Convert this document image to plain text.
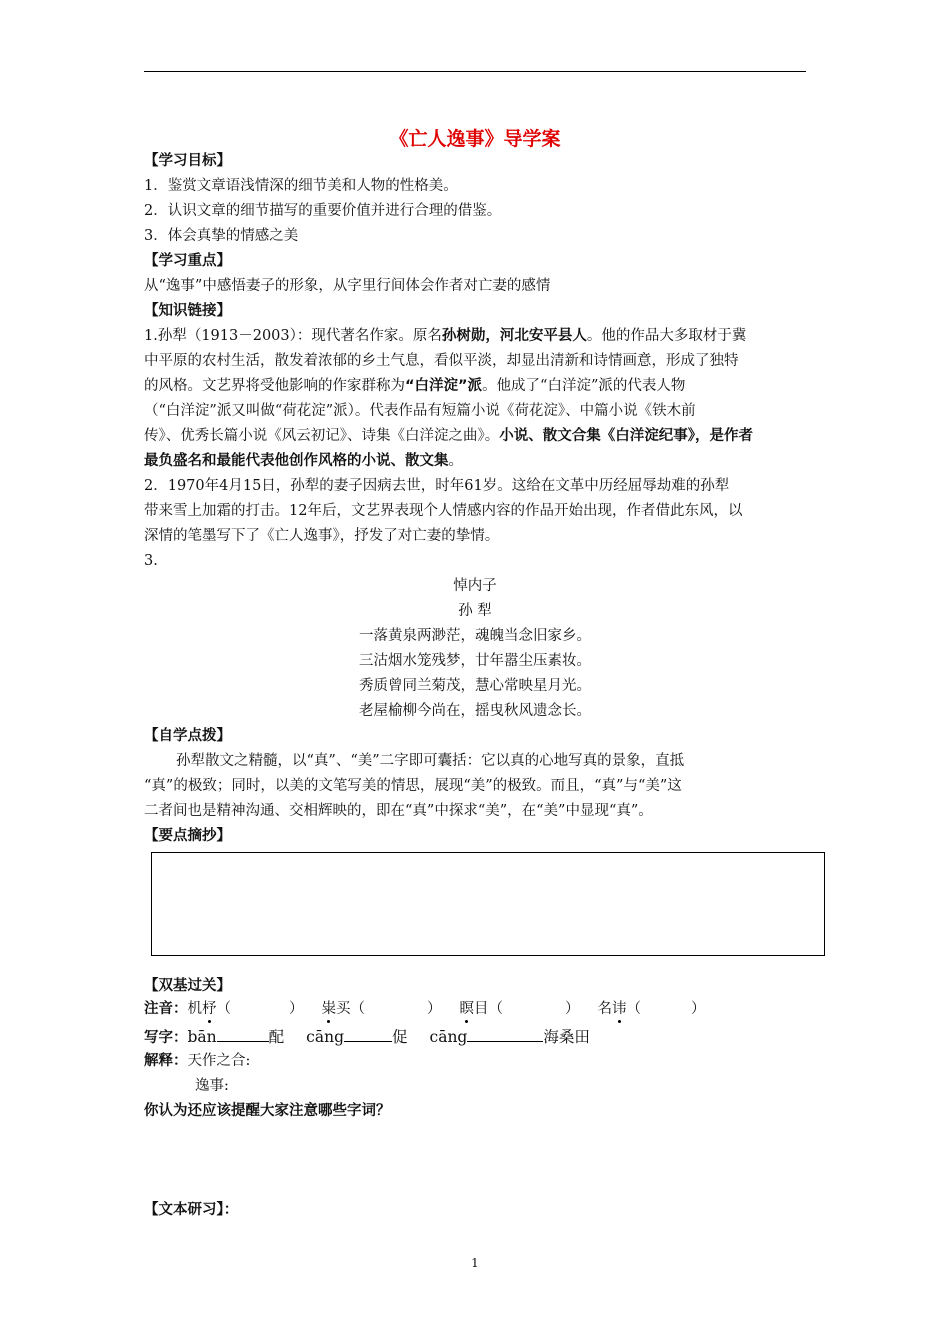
《亡人逸事》导学案
【学习目标】
1．鉴赏文章语浅情深的细节美和人物的性格美。
2．认识文章的细节描写的重要价值并进行合理的借鉴。
3．体会真挚的情感之美
【学习重点】
从“逸事”中感悟妻子的形象，从字里行间体会作者对亡妻的感情
【知识链接】
1.孙犁（1913－2003）：现代著名作家。原名孙树勋，河北安平县人。他的作品大多取材于冀
中平原的农村生活，散发着浓郁的乡土气息，看似平淡，却显出清新和诗情画意，形成了独特
的风格。文艺界将受他影响的作家群称为“白洋淀”派。他成了“白洋淀”派的代表人物
（“白洋淀”派又叫做“荷花淀”派）。代表作品有短篇小说《荷花淀》、中篇小说《铁木前
传》、优秀长篇小说《风云初记》、诗集《白洋淀之曲》。小说、散文合集《白洋淀纪事》，是作者
最负盛名和最能代表他创作风格的小说、散文集。
2．1970年4月15日，孙犁的妻子因病去世，时年61岁。这给在文革中历经屈辱劫难的孙犁
带来雪上加霜的打击。12年后，文艺界表现个人情感内容的作品开始出现，作者借此东风，以
深情的笔墨写下了《亡人逸事》，抒发了对亡妻的挚情。
3.
悼内子
孙 犁
一落黄泉两渺茫，魂魄当念旧家乡。
三沽烟水笼残梦，廿年嚣尘压素妆。
秀质曾同兰菊茂，慧心常映星月光。
老屋榆柳今尚在，摇曳秋风遗念长。
【自学点拨】
孙犁散文之精髓，以“真”、“美”二字即可囊括：它以真的心地写真的景象，直抵
“真”的极致；同时，以美的文笔写美的情思，展现“美”的极致。而且，“真”与“美”这
二者间也是精神沟通、交相辉映的，即在“真”中探求“美”，在“美”中显现“真”。
【要点摘抄】
【双基过关】
注音：机杼（	） 粜买（	） 瞑目（	） 名讳（	）
写字：bān	配 cāng	促 cāng	海桑田
解释：天作之合:
逸事:
你认为还应该提醒大家注意哪些字词？
【文本研习】：
1
